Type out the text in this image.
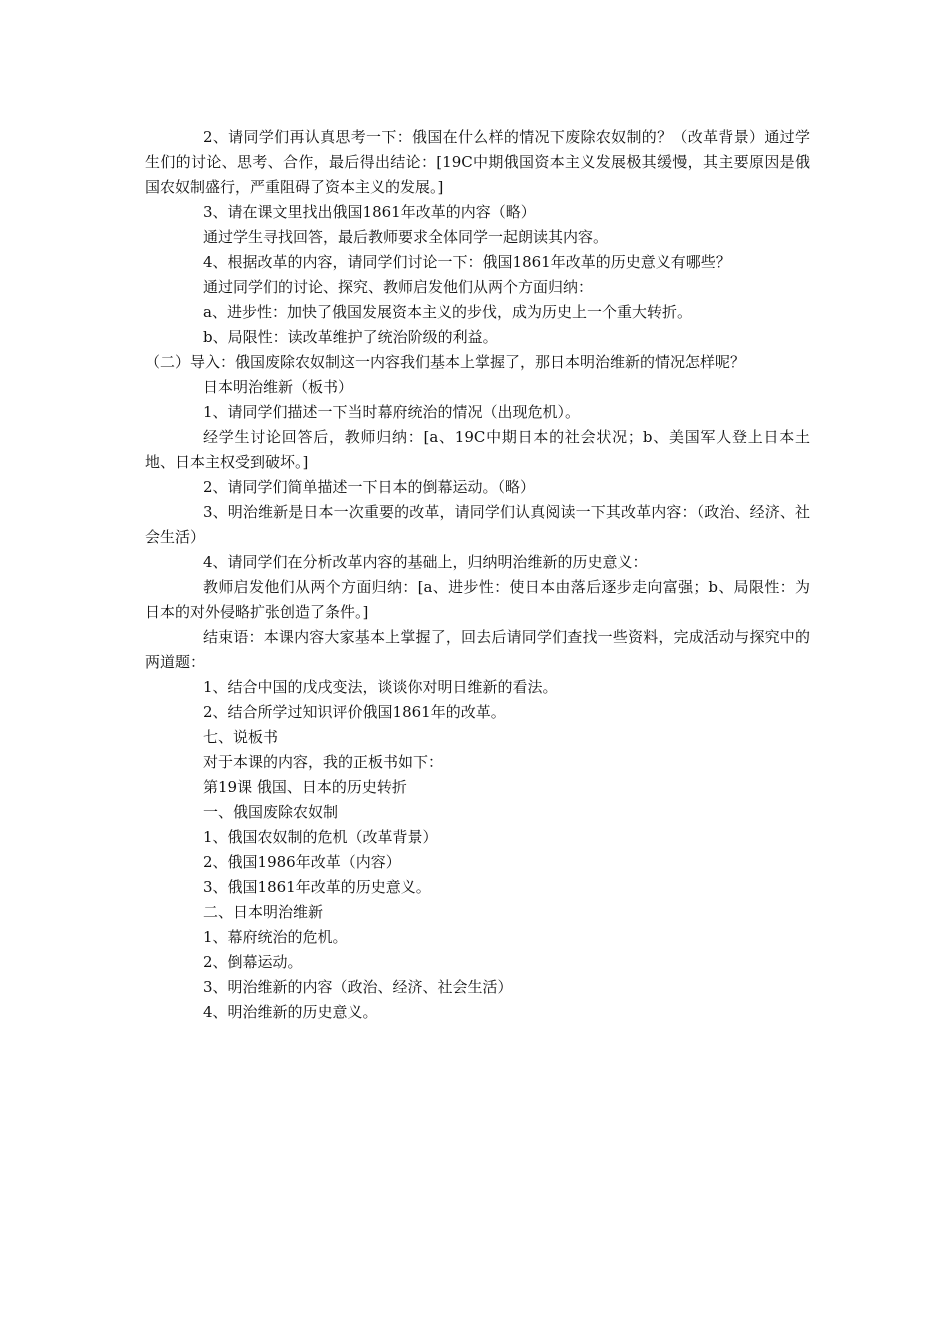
2、请同学们再认真思考一下：俄国在什么样的情况下废除农奴制的？（改革背景）通过学生们的讨论、思考、合作，最后得出结论：[19C中期俄国资本主义发展极其缓慢，其主要原因是俄国农奴制盛行，严重阻碍了资本主义的发展。]

3、请在课文里找出俄国1861年改革的内容（略）

通过学生寻找回答，最后教师要求全体同学一起朗读其内容。

4、根据改革的内容，请同学们讨论一下：俄国1861年改革的历史意义有哪些？

通过同学们的讨论、探究、教师启发他们从两个方面归纳：

a、进步性：加快了俄国发展资本主义的步伐，成为历史上一个重大转折。

b、局限性：读改革维护了统治阶级的利益。

（二）导入：俄国废除农奴制这一内容我们基本上掌握了，那日本明治维新的情况怎样呢？

日本明治维新（板书）

1、请同学们描述一下当时幕府统治的情况（出现危机）。

经学生讨论回答后，教师归纳：[a、19C中期日本的社会状况；b、美国军人登上日本土地、日本主权受到破坏。]

2、请同学们简单描述一下日本的倒幕运动。（略）

3、明治维新是日本一次重要的改革，请同学们认真阅读一下其改革内容：（政治、经济、社会生活）

4、请同学们在分析改革内容的基础上，归纳明治维新的历史意义：

教师启发他们从两个方面归纳：[a、进步性：使日本由落后逐步走向富强；b、局限性：为日本的对外侵略扩张创造了条件。]

结束语：本课内容大家基本上掌握了，回去后请同学们查找一些资料，完成活动与探究中的两道题：

1、结合中国的戊戌变法，谈谈你对明日维新的看法。

2、结合所学过知识评价俄国1861年的改革。

七、说板书

对于本课的内容，我的正板书如下：

第19课 俄国、日本的历史转折

一、俄国废除农奴制

1、俄国农奴制的危机（改革背景）

2、俄国1986年改革（内容）

3、俄国1861年改革的历史意义。

二、日本明治维新

1、幕府统治的危机。

2、倒幕运动。

3、明治维新的内容（政治、经济、社会生活）

4、明治维新的历史意义。
